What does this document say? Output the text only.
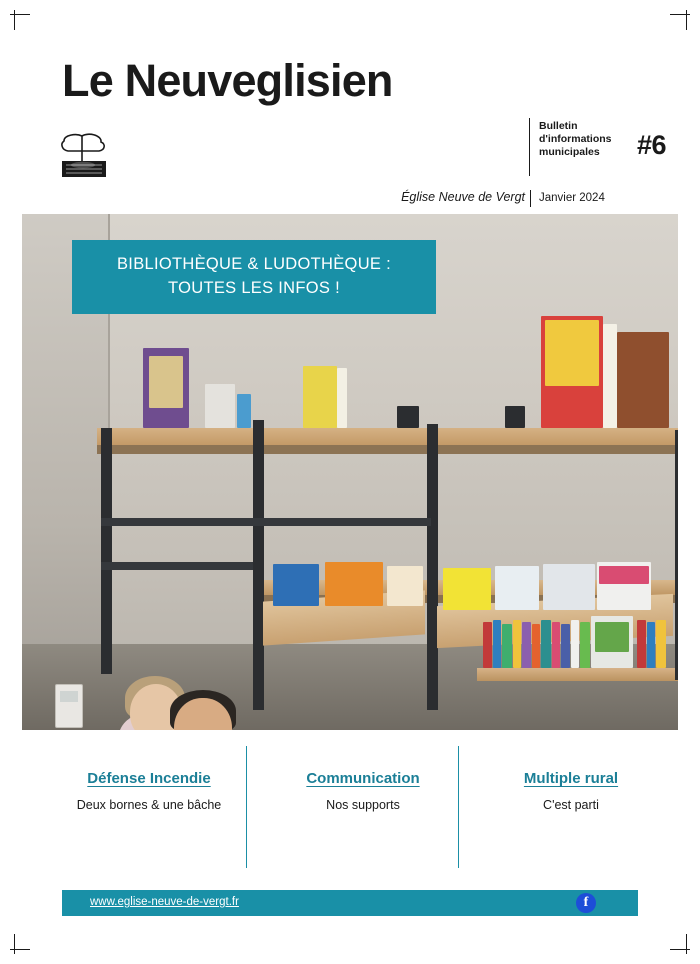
Le Neuveglisien
Bulletin
d'informations
municipales	#6
Église Neuve de Vergt Janvier 2024
BIBLIOTHÈQUE & LUDOTHÈQUE :
TOUTES LES INFOS !
Défense Incendie
Deux bornes & une bâche
Communication
Nos supports
Multiple rural
C'est parti
www.eglise-neuve-de-vergt.fr	f
